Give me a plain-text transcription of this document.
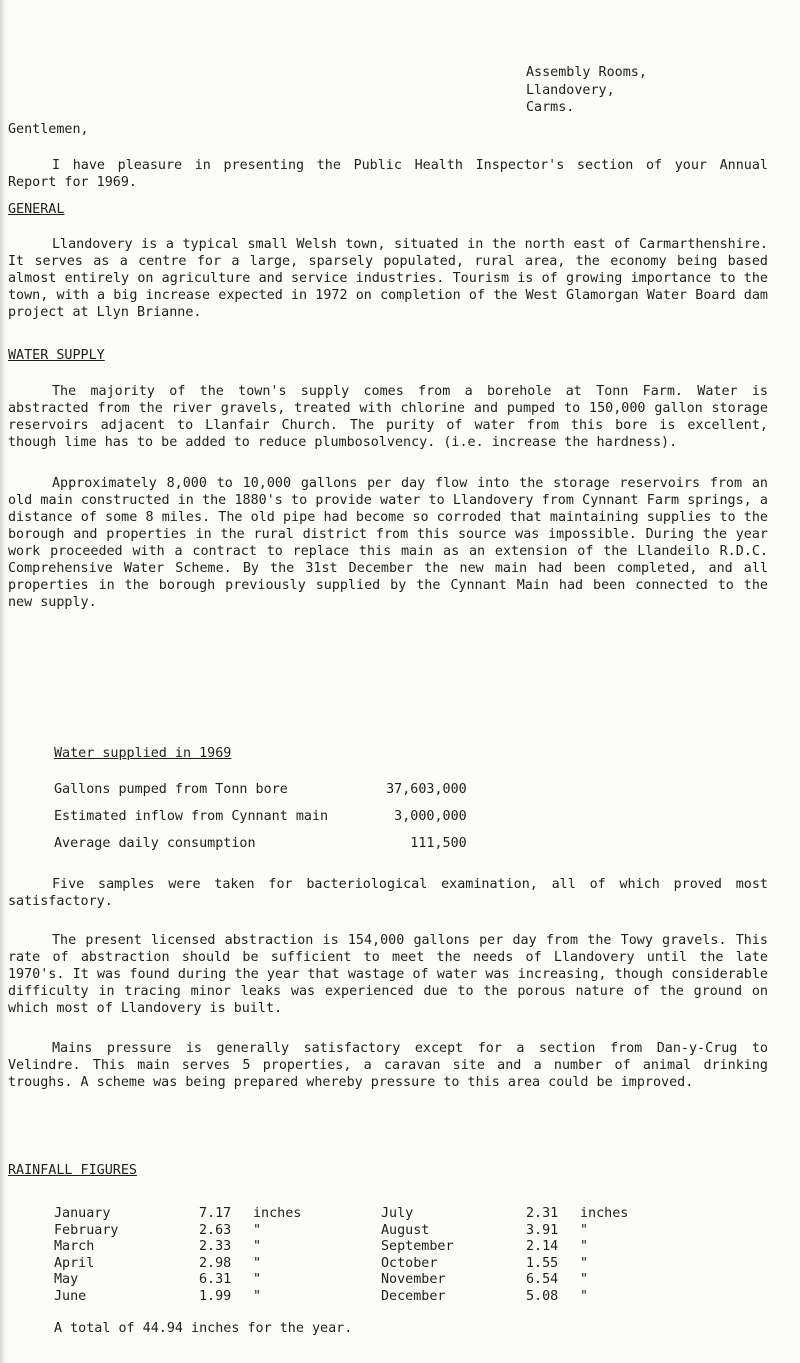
Assembly Rooms,
Llandovery,
Carms.
Gentlemen,
I have pleasure in presenting the Public Health Inspector's section of your Annual Report for 1969.
GENERAL
Llandovery is a typical small Welsh town, situated in the north east of Carmarthenshire. It serves as a centre for a large, sparsely populated, rural area, the economy being based almost entirely on agriculture and service industries. Tourism is of growing importance to the town, with a big increase expected in 1972 on completion of the West Glamorgan Water Board dam project at Llyn Brianne.
WATER SUPPLY
The majority of the town's supply comes from a borehole at Tonn Farm. Water is abstracted from the river gravels, treated with chlorine and pumped to 150,000 gallon storage reservoirs adjacent to Llanfair Church. The purity of water from this bore is excellent, though lime has to be added to reduce plumbosolvency. (i.e. increase the hardness).
Approximately 8,000 to 10,000 gallons per day flow into the storage reservoirs from an old main constructed in the 1880's to provide water to Llandovery from Cynnant Farm springs, a distance of some 8 miles. The old pipe had become so corroded that maintaining supplies to the borough and properties in the rural district from this source was impossible. During the year work proceeded with a contract to replace this main as an extension of the Llandeilo R.D.C. Comprehensive Water Scheme. By the 31st December the new main had been completed, and all properties in the borough previously supplied by the Cynnant Main had been connected to the new supply.
Water supplied in 1969
Gallons pumped from Tonn bore	37,603,000
Estimated inflow from Cynnant main	3,000,000
Average daily consumption	111,500
Five samples were taken for bacteriological examination, all of which proved most satisfactory.
The present licensed abstraction is 154,000 gallons per day from the Towy gravels. This rate of abstraction should be sufficient to meet the needs of Llandovery until the late 1970's. It was found during the year that wastage of water was increasing, though considerable difficulty in tracing minor leaks was experienced due to the porous nature of the ground on which most of Llandovery is built.
Mains pressure is generally satisfactory except for a section from Dan-y-Crug to Velindre. This main serves 5 properties, a caravan site and a number of animal drinking troughs. A scheme was being prepared whereby pressure to this area could be improved.
RAINFALL FIGURES
January	7.17	inches	July	2.31	inches
February	2.63	"	August	3.91	"
March	2.33	"	September	2.14	"
April	2.98	"	October	1.55	"
May	6.31	"	November	6.54	"
June	1.99	"	December	5.08	"
A total of 44.94 inches for the year.
